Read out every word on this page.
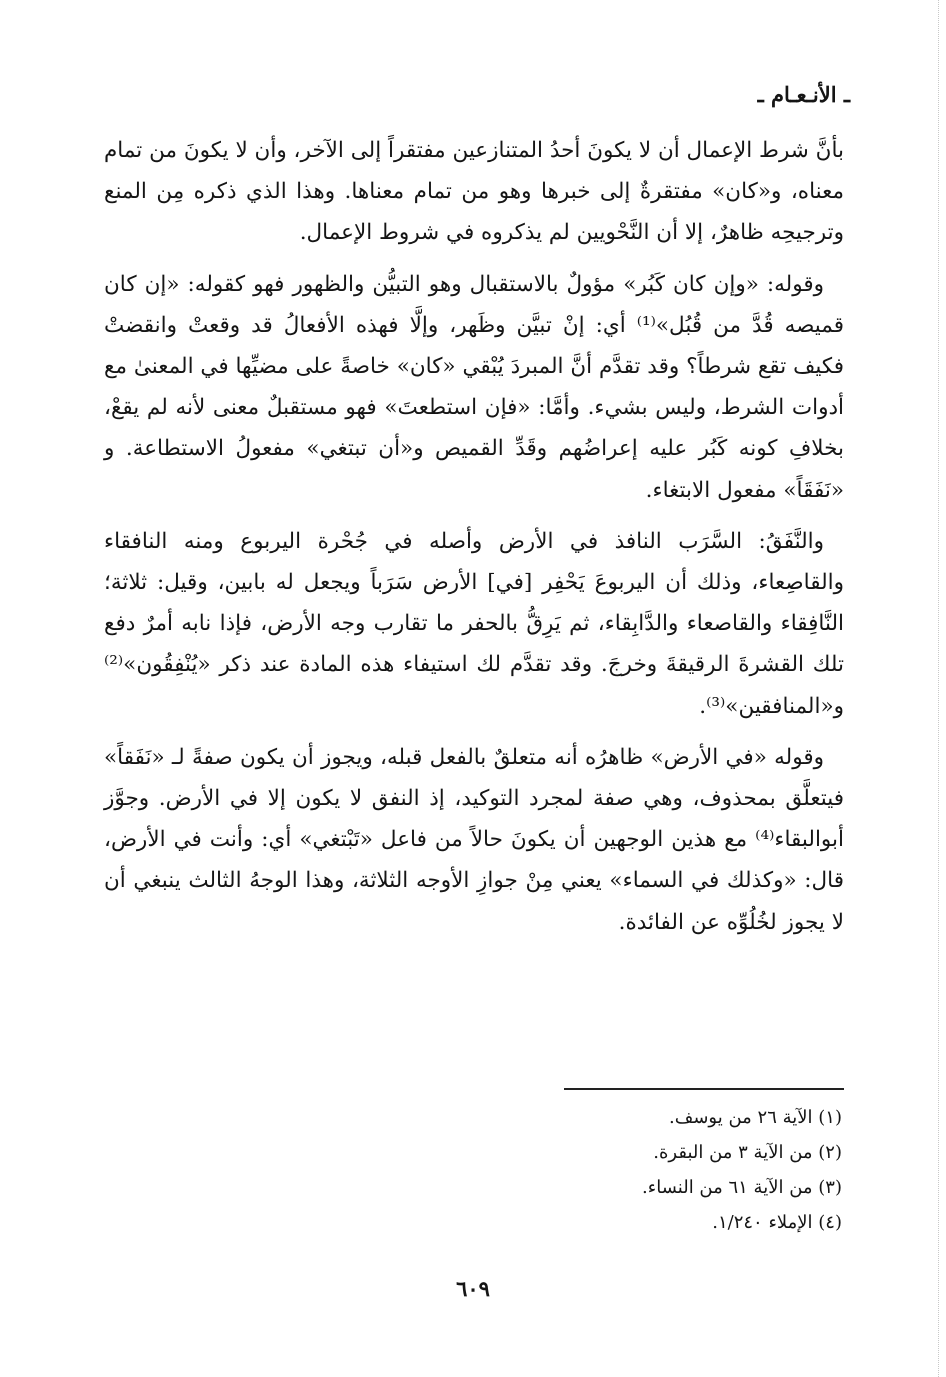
ـ الأنـعـام ـ

بأنَّ شرط الإعمال أن لا يكونَ أحدُ المتنازعين مفتقراً إلى الآخر، وأن لا يكونَ من تمام معناه، و«كان» مفتقرةٌ إلى خبرها وهو من تمام معناها. وهذا الذي ذكره مِن المنع وترجيحِه ظاهرٌ، إلا أن النَّحْويين لم يذكروه في شروط الإعمال.

وقوله: «وإن كان كَبُر» مؤولٌ بالاستقبال وهو التبيُّن والظهور فهو كقوله: «إن كان قميصه قُدَّ من قُبُل»⁽¹⁾ أي: إنْ تبيَّن وظَهر، وإلَّا فهذه الأفعالُ قد وقعتْ وانقضتْ فكيف تقع شرطاً؟ وقد تقدَّم أنَّ المبردَ يُبْقي «كان» خاصةً على مضيِّها في المعنىٰ مع أدوات الشرط، وليس بشيء. وأمَّا: «فإن استطعتَ» فهو مستقبلٌ معنى لأنه لم يقعْ، بخلافِ كونه كَبُر عليه إعراضُهم وقَدِّ القميص و«أن تبتغي» مفعولُ الاستطاعة. و «نَفَقَاً» مفعول الابتغاء.

والنَّفَقُ: السَّرَب النافذ في الأرض وأصله في جُحْرة اليربوع ومنه النافقاء والقاصِعاء، وذلك أن اليربوعَ يَحْفِر [في] الأرض سَرَباً ويجعل له بابين، وقيل: ثلاثة؛ النَّافِقاء والقاصعاء والدَّابِقاء، ثم يَرِقُّ بالحفر ما تقارب وجه الأرض، فإذا نابه أمرٌ دفع تلك القشرةَ الرقيقةَ وخرجَ. وقد تقدَّم لك استيفاء هذه المادة عند ذكر «يُنْفِقُون»⁽²⁾ و«المنافقين»⁽³⁾.

وقوله «في الأرض» ظاهرُه أنه متعلقٌ بالفعل قبله، ويجوز أن يكون صفةً لـ «نَفَقاً» فيتعلَّق بمحذوف، وهي صفة لمجرد التوكيد، إذ النفق لا يكون إلا في الأرض. وجوَّز أبوالبقاء⁽⁴⁾ مع هذين الوجهين أن يكونَ حالاً من فاعل «تَبْتغي» أي: وأنت في الأرض، قال: «وكذلك في السماء» يعني مِنْ جوازِ الأوجه الثلاثة، وهذا الوجهُ الثالث ينبغي أن لا يجوز لخُلُوِّه عن الفائدة.

(١) الآية ٢٦ من يوسف.
(٢) من الآية ٣ من البقرة.
(٣) من الآية ٦١ من النساء.
(٤) الإملاء ١/٢٤٠.
٦٠٩
